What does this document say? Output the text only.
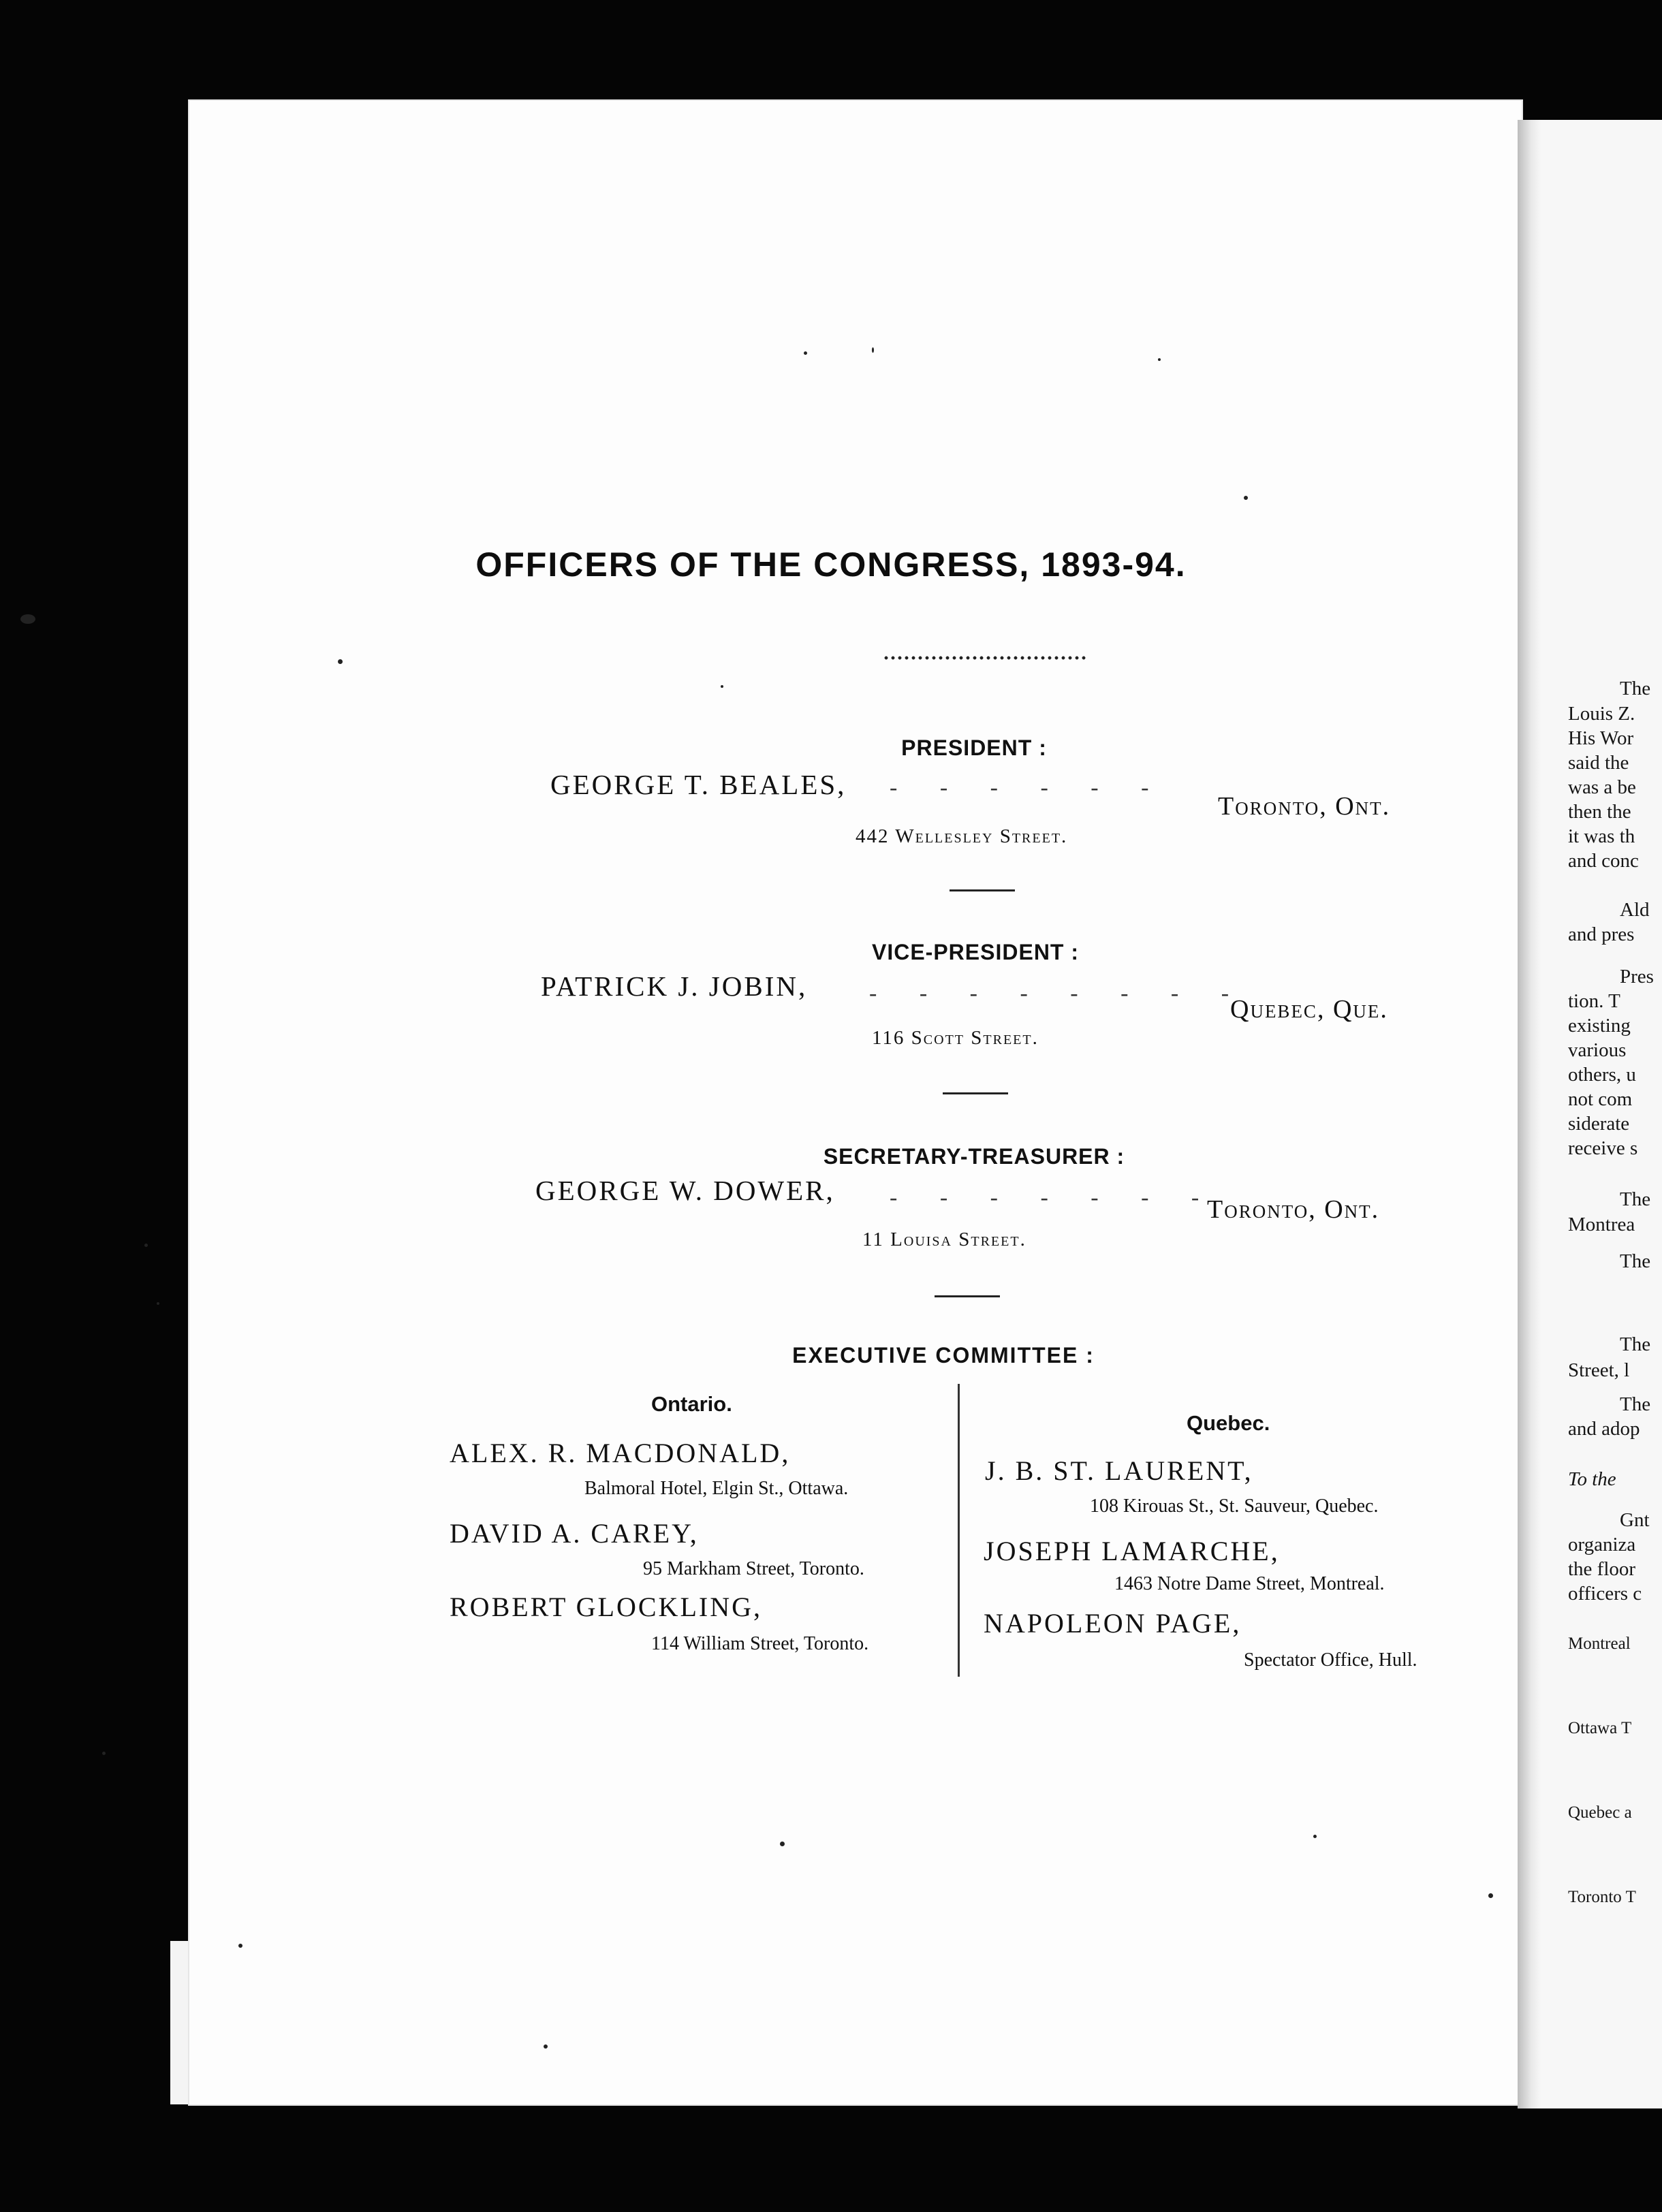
The
Louis Z.
His Wor
said the
was a be
then the
it was th
and conc
Ald
and pres
Pres
tion. T
existing
various
others, u
not com
siderate
receive s
The
Montrea
The
The
Street, l
The
and adop
To the
Gnt
organiza
the floor
officers c
Montreal
Ottawa T
Quebec a
Toronto T
OFFICERS OF THE CONGRESS, 1893-94.
PRESIDENT :
GEORGE T. BEALES, - - - - - -
Toronto, Ont.
442 Wellesley Street.
VICE-PRESIDENT :
PATRICK J. JOBIN,	- - - - - - - -
Quebec, Que.
116 Scott Street.
SECRETARY-TREASURER :
GEORGE W. DOWER, - - - - - - -
Toronto, Ont.
11 Louisa Street.
EXECUTIVE COMMITTEE :
Ontario.
ALEX. R. MACDONALD,
Balmoral Hotel, Elgin St., Ottawa.
DAVID A. CAREY,
95 Markham Street, Toronto.
ROBERT GLOCKLING,
114 William Street, Toronto.
Quebec.
J. B. ST. LAURENT,
108 Kirouas St., St. Sauveur, Quebec.
JOSEPH LAMARCHE,
1463 Notre Dame Street, Montreal.
NAPOLEON PAGE,
Spectator Office, Hull.
